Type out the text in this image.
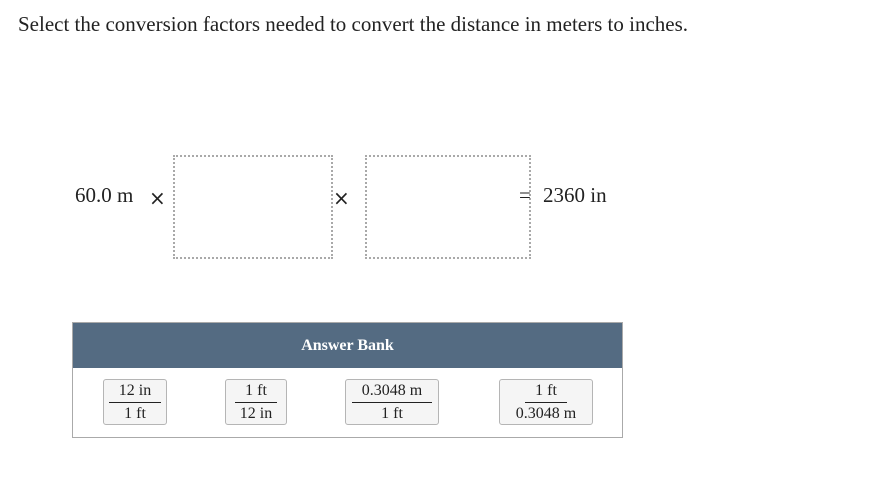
Select the conversion factors needed to convert the distance in meters to inches.
60.0 m ×	×	= 2360 in
Answer Bank
$\frac{12 in}{1 ft}$	$\frac{1 ft}{12 in}$	$\frac{0.3048 m}{1 ft}$	$\frac{1 ft}{0.3048 m}$
